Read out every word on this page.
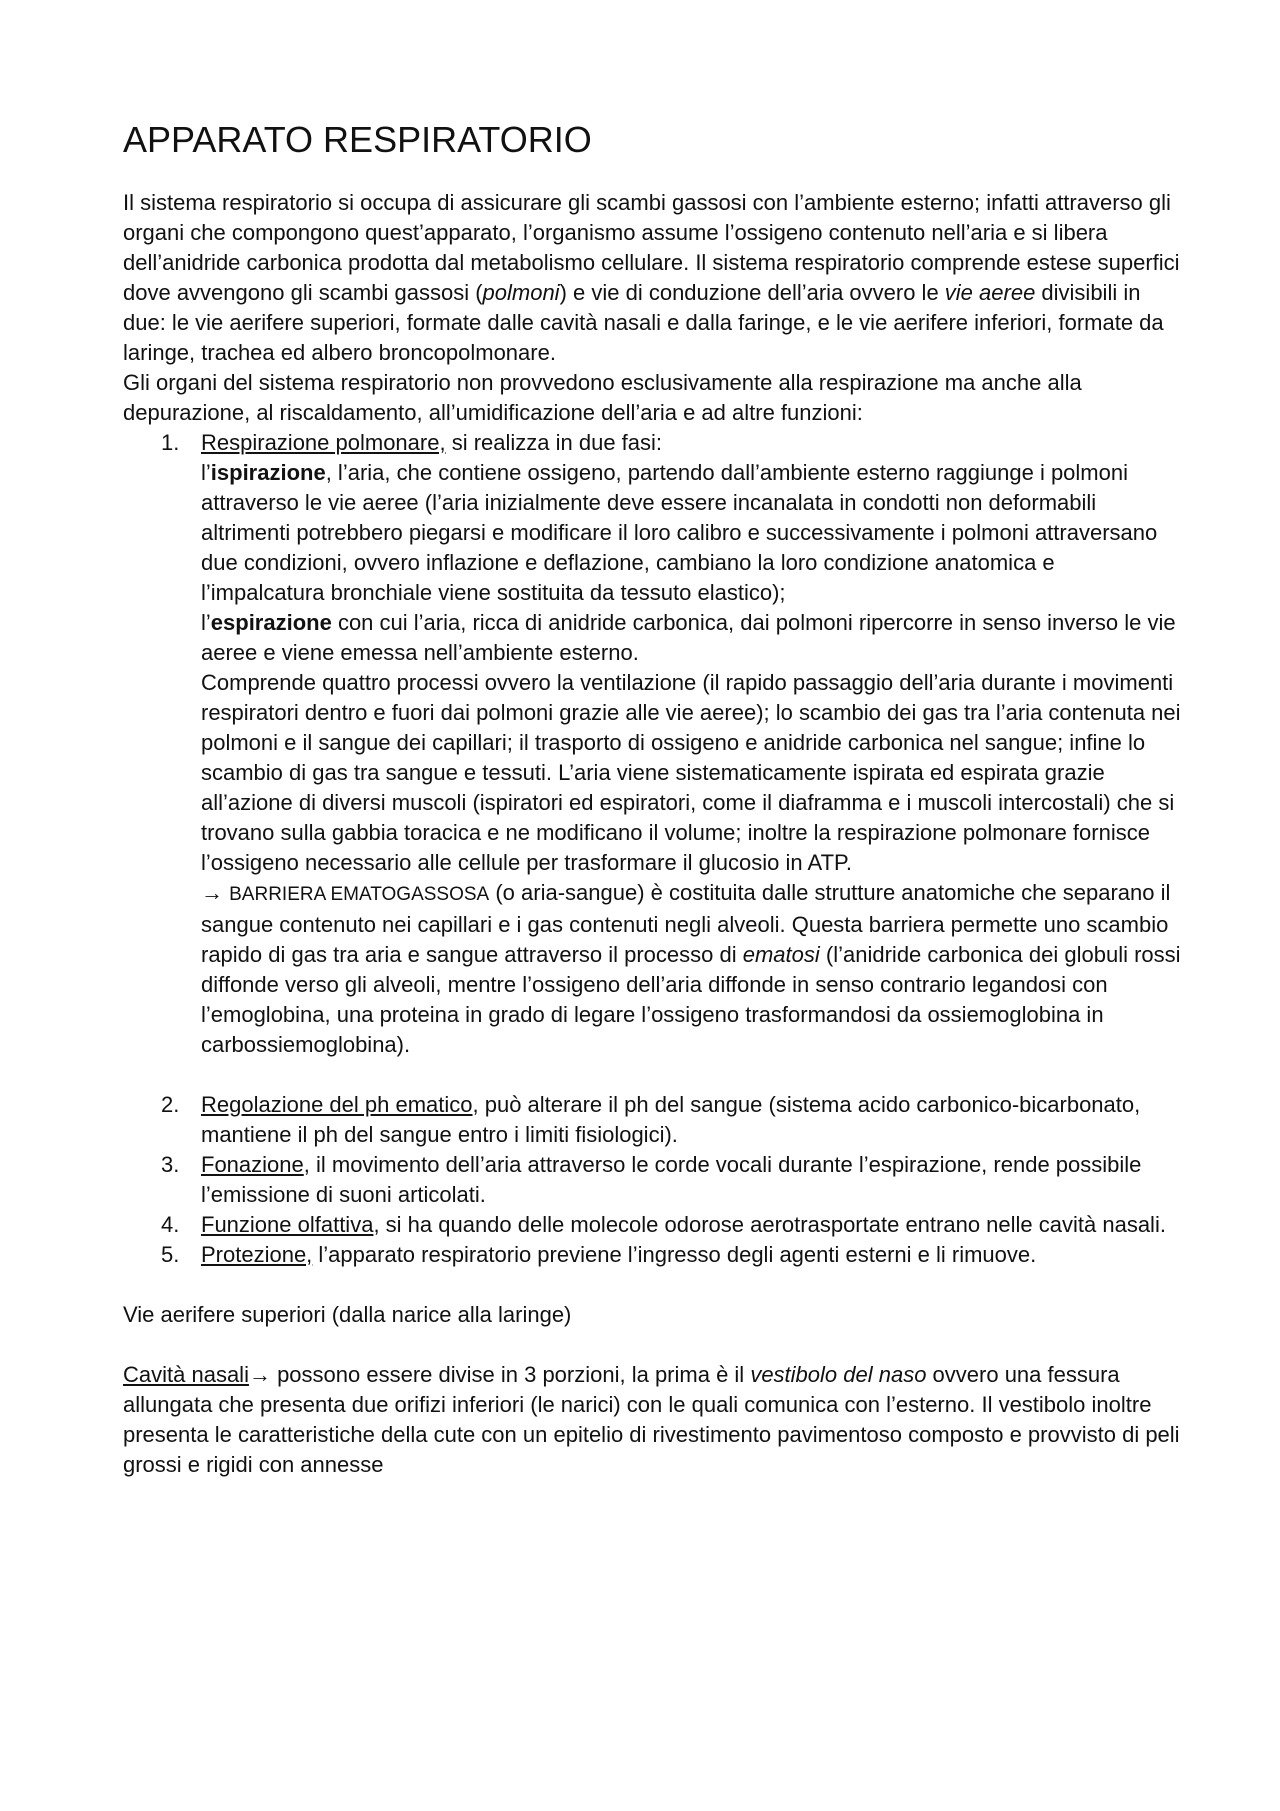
APPARATO RESPIRATORIO

Il sistema respiratorio si occupa di assicurare gli scambi gassosi con l’ambiente esterno; infatti attraverso gli organi che compongono quest’apparato, l’organismo assume l’ossigeno contenuto nell’aria e si libera dell’anidride carbonica prodotta dal metabolismo cellulare. Il sistema respiratorio comprende estese superfici dove avvengono gli scambi gassosi (polmoni) e vie di conduzione dell’aria ovvero le vie aeree divisibili in due: le vie aerifere superiori, formate dalle cavità nasali e dalla faringe, e le vie aerifere inferiori, formate da laringe, trachea ed albero broncopolmonare.

Gli organi del sistema respiratorio non provvedono esclusivamente alla respirazione ma anche alla depurazione, al riscaldamento, all’umidificazione dell’aria e ad altre funzioni:

1. Respirazione polmonare, si realizza in due fasi:

l’ispirazione, l’aria, che contiene ossigeno, partendo dall’ambiente esterno raggiunge i polmoni attraverso le vie aeree (l’aria inizialmente deve essere incanalata in condotti non deformabili altrimenti potrebbero piegarsi e modificare il loro calibro e successivamente i polmoni attraversano due condizioni, ovvero inflazione e deflazione, cambiano la loro condizione anatomica e l’impalcatura bronchiale viene sostituita da tessuto elastico);

l’espirazione con cui l’aria, ricca di anidride carbonica, dai polmoni ripercorre in senso inverso le vie aeree e viene emessa nell’ambiente esterno.

Comprende quattro processi ovvero la ventilazione (il rapido passaggio dell’aria durante i movimenti respiratori dentro e fuori dai polmoni grazie alle vie aeree); lo scambio dei gas tra l’aria contenuta nei polmoni e il sangue dei capillari; il trasporto di ossigeno e anidride carbonica nel sangue; infine lo scambio di gas tra sangue e tessuti. L’aria viene sistematicamente ispirata ed espirata grazie all’azione di diversi muscoli (ispiratori ed espiratori, come il diaframma e i muscoli intercostali) che si trovano sulla gabbia toracica e ne modificano il volume; inoltre la respirazione polmonare fornisce l’ossigeno necessario alle cellule per trasformare il glucosio in ATP.

→ BARRIERA EMATOGASSOSA (o aria-sangue) è costituita dalle strutture anatomiche che separano il sangue contenuto nei capillari e i gas contenuti negli alveoli. Questa barriera permette uno scambio rapido di gas tra aria e sangue attraverso il processo di ematosi (l’anidride carbonica dei globuli rossi diffonde verso gli alveoli, mentre l’ossigeno dell’aria diffonde in senso contrario legandosi con l’emoglobina, una proteina in grado di legare l’ossigeno trasformandosi da ossiemoglobina in carbossiemoglobina).

2. Regolazione del ph ematico, può alterare il ph del sangue (sistema acido carbonico-bicarbonato, mantiene il ph del sangue entro i limiti fisiologici).

3. Fonazione, il movimento dell’aria attraverso le corde vocali durante l’espirazione, rende possibile l’emissione di suoni articolati.

4. Funzione olfattiva, si ha quando delle molecole odorose aerotrasportate entrano nelle cavità nasali.

5. Protezione, l’apparato respiratorio previene l’ingresso degli agenti esterni e li rimuove.

Vie aerifere superiori (dalla narice alla laringe)

Cavità nasali→ possono essere divise in 3 porzioni, la prima è il vestibolo del naso ovvero una fessura allungata che presenta due orifizi inferiori (le narici) con le quali comunica con l’esterno. Il vestibolo inoltre presenta le caratteristiche della cute con un epitelio di rivestimento pavimentoso composto e provvisto di peli grossi e rigidi con annesse
